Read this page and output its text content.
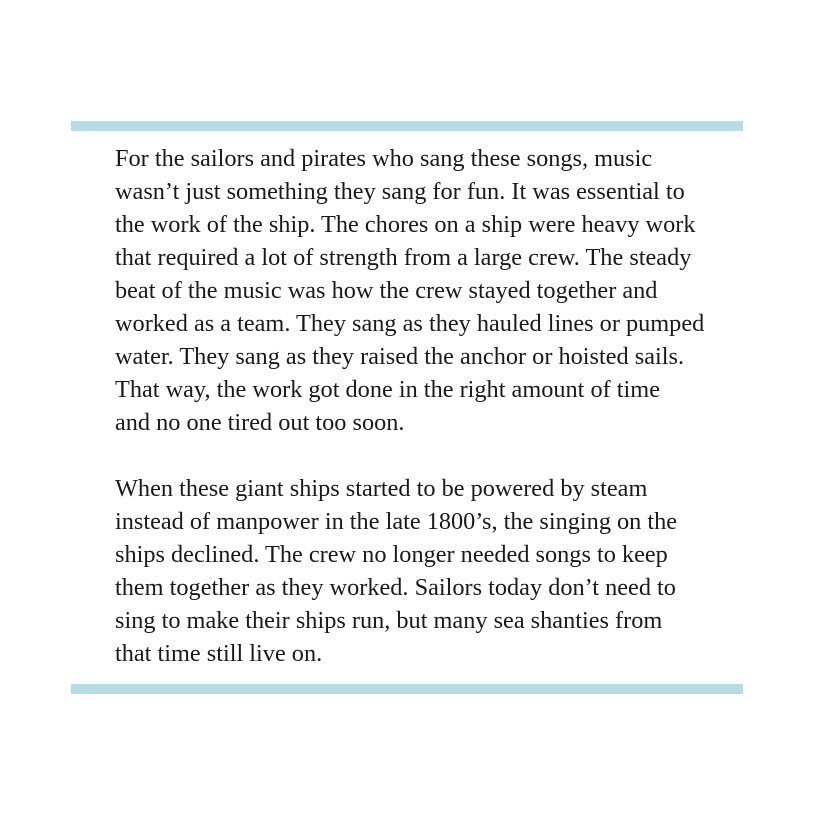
For the sailors and pirates who sang these songs, music
wasn’t just something they sang for fun. It was essential to
the work of the ship. The chores on a ship were heavy work
that required a lot of strength from a large crew. The steady
beat of the music was how the crew stayed together and
worked as a team. They sang as they hauled lines or pumped
water. They sang as they raised the anchor or hoisted sails.
That way, the work got done in the right amount of time
and no one tired out too soon.

When these giant ships started to be powered by steam
instead of manpower in the late 1800’s, the singing on the
ships declined. The crew no longer needed songs to keep
them together as they worked. Sailors today don’t need to
sing to make their ships run, but many sea shanties from
that time still live on.
